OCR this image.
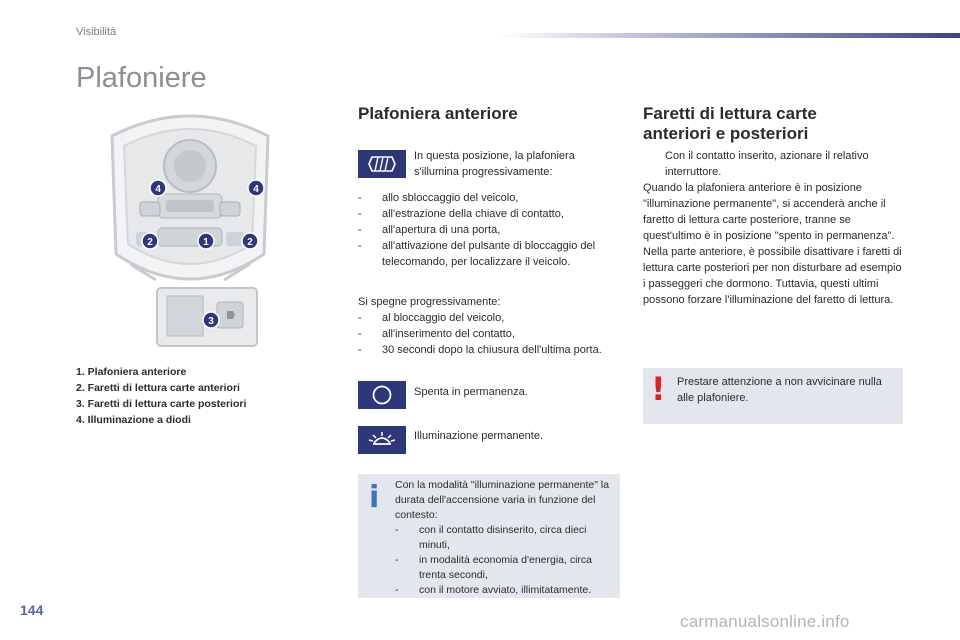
Visibilità
Plafoniere
4	4
1
2	2
3
1. Plafoniera anteriore
2. Faretti di lettura carte anteriori
3. Faretti di lettura carte posteriori
4. Illuminazione a diodi
Plafoniera anteriore
In questa posizione, la plafoniera s'illumina progressivamente:
- allo sbloccaggio del veicolo,
- all'estrazione della chiave di contatto,
- all'apertura di una porta,
- all'attivazione del pulsante di bloccaggio del telecomando, per localizzare il veicolo.
Si spegne progressivamente:
- al bloccaggio del veicolo,
- all'inserimento del contatto,
- 30 secondi dopo la chiusura dell'ultima porta.
Spenta in permanenza.
Illuminazione permanente.
i Con la modalità "illuminazione permanente" la durata dell'accensione varia in funzione del contesto:
- con il contatto disinserito, circa dieci minuti,
- in modalità economia d'energia, circa trenta secondi,
- con il motore avviato, illimitatamente.
Faretti di lettura carte
anteriori e posteriori
Con il contatto inserito, azionare il relativo interruttore.

Quando la plafoniera anteriore è in posizione "illuminazione permanente", si accenderà anche il faretto di lettura carte posteriore, tranne se quest'ultimo è in posizione "spento in permanenza".

Nella parte anteriore, è possibile disattivare i faretti di lettura carte posteriori per non disturbare ad esempio i passeggeri che dormono. Tuttavia, questi ultimi possono forzare l'illuminazione del faretto di lettura.

! Prestare attenzione a non avvicinare nulla alle plafoniere.
144
carmanualsonline.info
